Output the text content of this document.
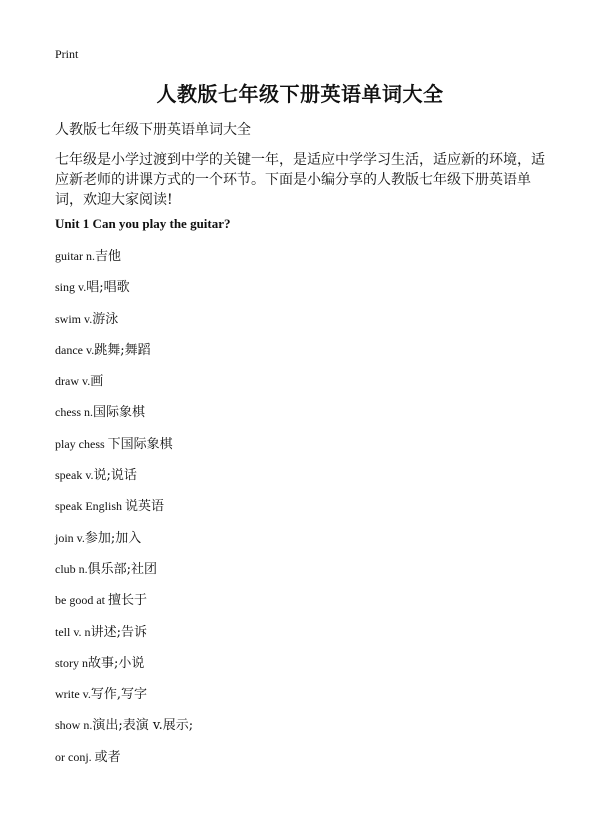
Print
人教版七年级下册英语单词大全
人教版七年级下册英语单词大全
七年级是小学过渡到中学的关键一年，是适应中学学习生活，适应新的环境，适应新老师的讲课方式的一个环节。下面是小编分享的人教版七年级下册英语单词，欢迎大家阅读!
Unit 1 Can you play the guitar?
guitar n.吉他
sing v.唱;唱歌
swim v.游泳
dance v.跳舞;舞蹈
draw v.画
chess n.国际象棋
play chess 下国际象棋
speak v.说;说话
speak English 说英语
join v.参加;加入
club n.俱乐部;社团
be good at 擅长于
tell v. n讲述;告诉
story n故事;小说
write v.写作,写字
show n.演出;表演 v.展示;
or conj. 或者
